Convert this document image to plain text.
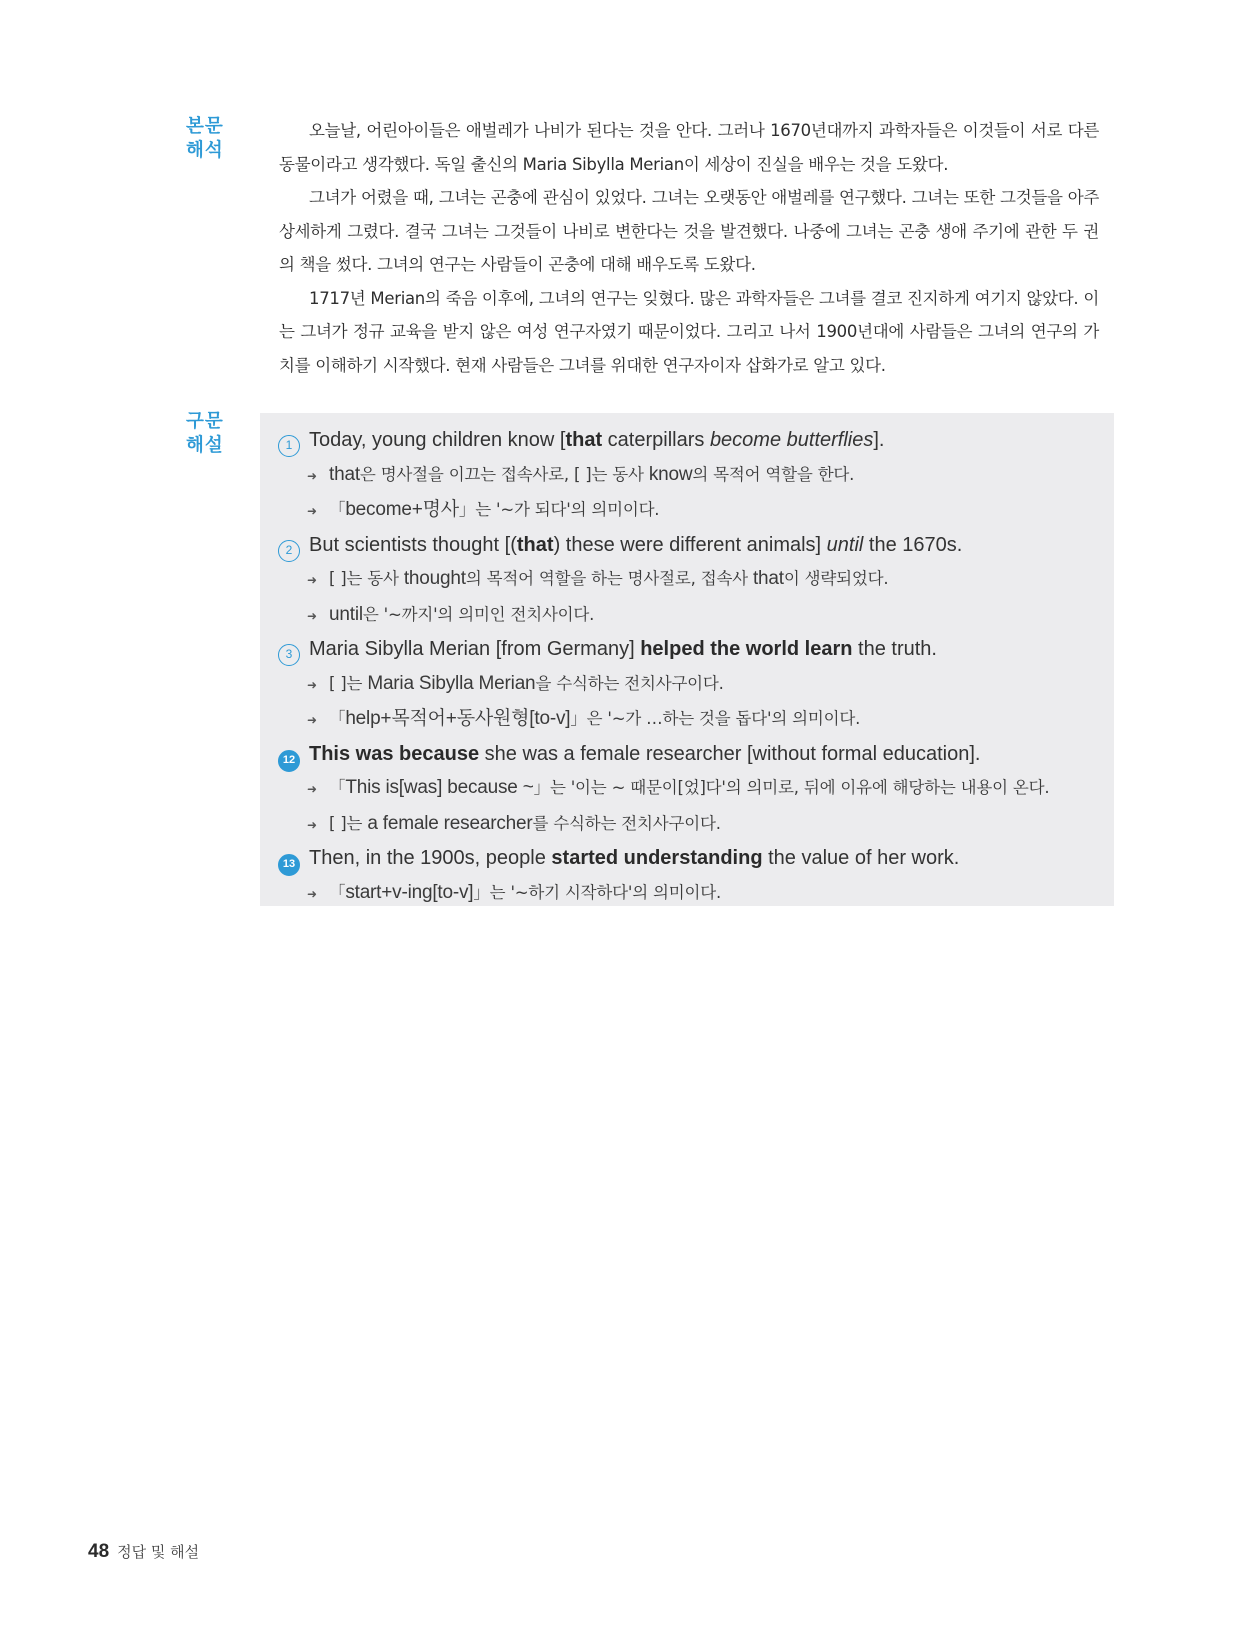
본문
해석

오늘날, 어린아이들은 애벌레가 나비가 된다는 것을 안다. 그러나 1670년대까지 과학자들은 이것들이 서로 다른 동물이라고 생각했다. 독일 출신의 Maria Sibylla Merian이 세상이 진실을 배우는 것을 도왔다.

그녀가 어렸을 때, 그녀는 곤충에 관심이 있었다. 그녀는 오랫동안 애벌레를 연구했다. 그녀는 또한 그것들을 아주 상세하게 그렸다. 결국 그녀는 그것들이 나비로 변한다는 것을 발견했다. 나중에 그녀는 곤충 생애 주기에 관한 두 권의 책을 썼다. 그녀의 연구는 사람들이 곤충에 대해 배우도록 도왔다.

1717년 Merian의 죽음 이후에, 그녀의 연구는 잊혔다. 많은 과학자들은 그녀를 결코 진지하게 여기지 않았다. 이는 그녀가 정규 교육을 받지 않은 여성 연구자였기 때문이었다. 그리고 나서 1900년대에 사람들은 그녀의 연구의 가치를 이해하기 시작했다. 현재 사람들은 그녀를 위대한 연구자이자 삽화가로 알고 있다.

구문
해설	1 Today, young children know [that caterpillars become butterflies].
➜ that은 명사절을 이끄는 접속사로, [ ]는 동사 know의 목적어 역할을 한다.
➜ 「become+명사」는 '~가 되다'의 의미이다.
2 But scientists thought [(that) these were different animals] until the 1670s.
➜ [ ]는 동사 thought의 목적어 역할을 하는 명사절로, 접속사 that이 생략되었다.
➜ until은 '~까지'의 의미인 전치사이다.
3 Maria Sibylla Merian [from Germany] helped the world learn the truth.
➜ [ ]는 Maria Sibylla Merian을 수식하는 전치사구이다.
➜ 「help+목적어+동사원형[to-v]」은 '~가 …하는 것을 돕다'의 의미이다.
12 This was because she was a female researcher [without formal education].
➜ 「This is[was] because ~」는 '이는 ~ 때문이[었]다'의 의미로, 뒤에 이유에 해당하는 내용이 온다.
➜ [ ]는 a female researcher를 수식하는 전치사구이다.
13 Then, in the 1900s, people started understanding the value of her work.
➜ 「start+v-ing[to-v]」는 '~하기 시작하다'의 의미이다.
48 정답 및 해설
